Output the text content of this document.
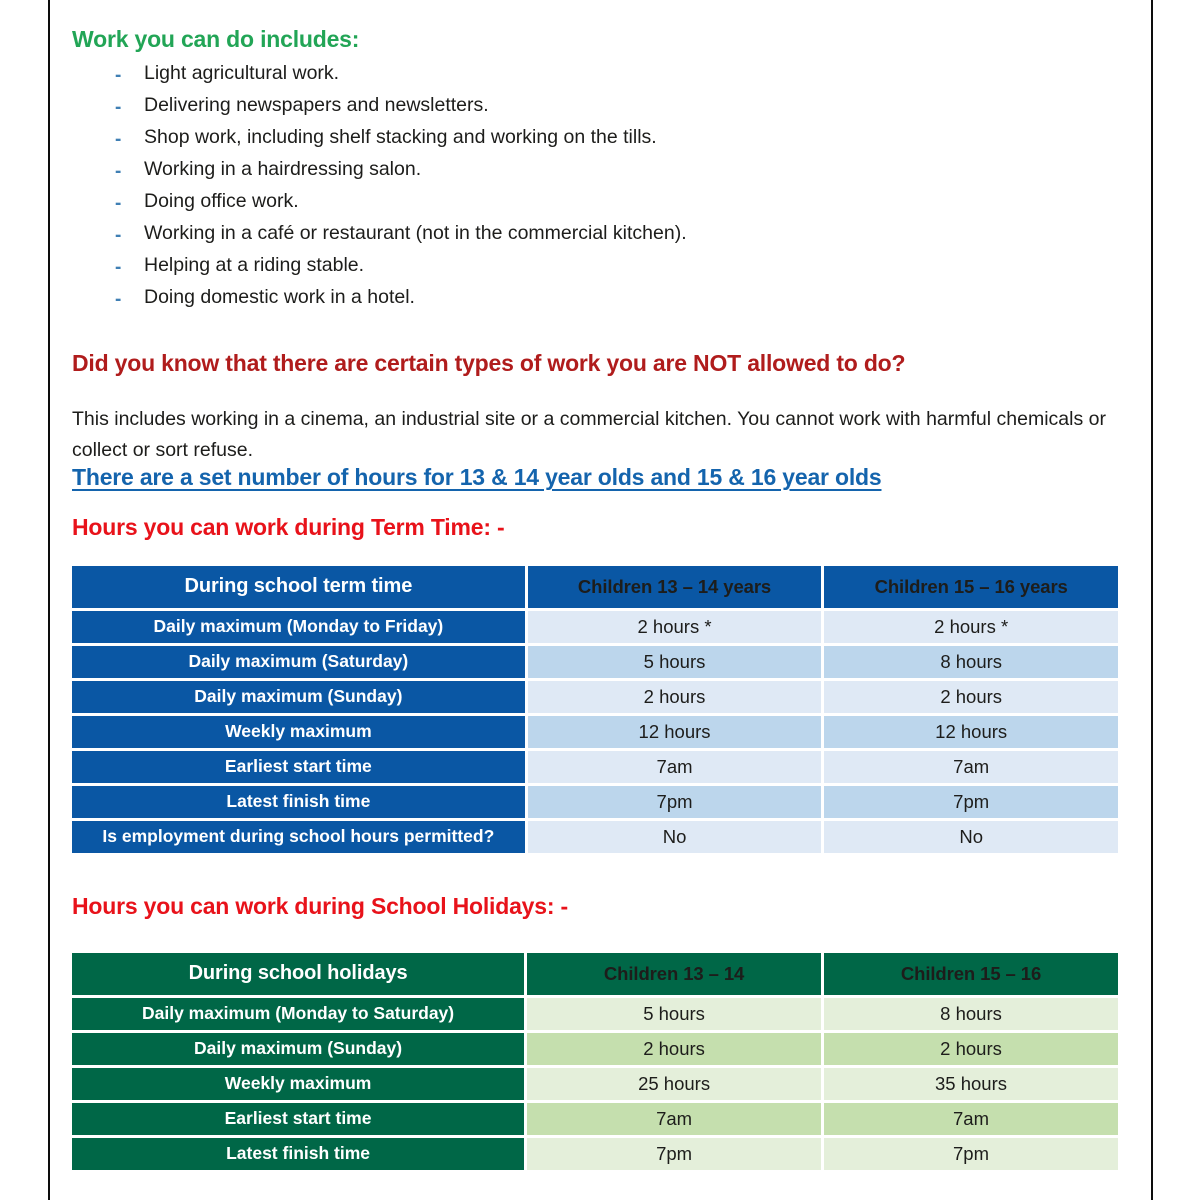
Work you can do includes:
-	Light agricultural work.
-	Delivering newspapers and newsletters.
-	Shop work, including shelf stacking and working on the tills.
-	Working in a hairdressing salon.
-	Doing office work.
-	Working in a café or restaurant (not in the commercial kitchen).
-	Helping at a riding stable.
-	Doing domestic work in a hotel.
Did you know that there are certain types of work you are NOT allowed to do?

This includes working in a cinema, an industrial site or a commercial kitchen. You cannot work with harmful chemicals or collect or sort refuse.

There are a set number of hours for 13 & 14 year olds and 15 & 16 year olds
Hours you can work during Term Time: -
During school term time	Children 13 – 14 years	Children 15 – 16 years
Daily maximum (Monday to Friday)	2 hours *	2 hours *
Daily maximum (Saturday)	5 hours	8 hours
Daily maximum (Sunday)	2 hours	2 hours
Weekly maximum	12 hours	12 hours
Earliest start time	7am	7am
Latest finish time	7pm	7pm
Is employment during school hours permitted?	No	No
Hours you can work during School Holidays: -
During school holidays	Children 13 – 14	Children 15 – 16
Daily maximum (Monday to Saturday)	5 hours	8 hours
Daily maximum (Sunday)	2 hours	2 hours
Weekly maximum	25 hours	35 hours
Earliest start time	7am	7am
Latest finish time	7pm	7pm
